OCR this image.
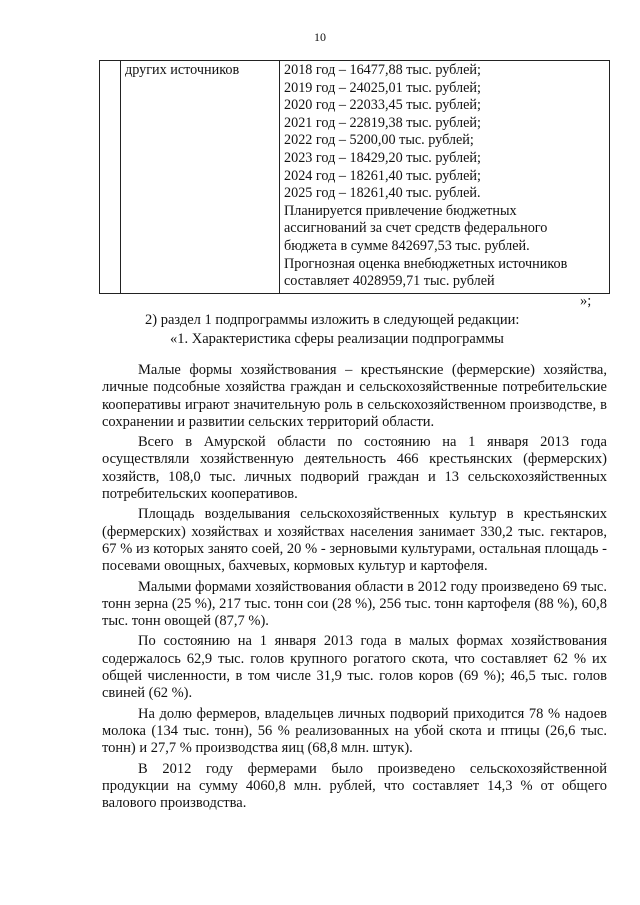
10
	других источников	2018 год – 16477,88 тыс. рублей;
2019 год – 24025,01 тыс. рублей;
2020 год – 22033,45 тыс. рублей;
2021 год – 22819,38 тыс. рублей;
2022 год – 5200,00 тыс. рублей;
2023 год – 18429,20 тыс. рублей;
2024 год – 18261,40 тыс. рублей;
2025 год – 18261,40 тыс. рублей.
Планируется привлечение бюджетных
ассигнований за счет средств федерального
бюджета в сумме 842697,53 тыс. рублей.
Прогнозная оценка внебюджетных источников
составляет 4028959,71 тыс. рублей
»;
2) раздел 1 подпрограммы изложить в следующей редакции:
«1. Характеристика сферы реализации подпрограммы

Малые формы хозяйствования – крестьянские (фермерские) хозяйства, личные подсобные хозяйства граждан и сельскохозяйственные потребительские кооперативы играют значительную роль в сельскохозяйственном производстве, в сохранении и развитии сельских территорий области.

Всего в Амурской области по состоянию на 1 января 2013 года осуществляли хозяйственную деятельность 466 крестьянских (фермерских) хозяйств, 108,0 тыс. личных подворий граждан и 13 сельскохозяйственных потребительских кооперативов.

Площадь возделывания сельскохозяйственных культур в крестьянских (фермерских) хозяйствах и хозяйствах населения занимает 330,2 тыс. гектаров, 67 % из которых занято соей, 20 % - зерновыми культурами, остальная площадь - посевами овощных, бахчевых, кормовых культур и картофеля.

Малыми формами хозяйствования области в 2012 году произведено 69 тыс. тонн зерна (25 %), 217 тыс. тонн сои (28 %), 256 тыс. тонн картофеля (88 %), 60,8 тыс. тонн овощей (87,7 %).

По состоянию на 1 января 2013 года в малых формах хозяйствования содержалось 62,9 тыс. голов крупного рогатого скота, что составляет 62 % их общей численности, в том числе 31,9 тыс. голов коров (69 %); 46,5 тыс. голов свиней (62 %).

На долю фермеров, владельцев личных подворий приходится 78 % надоев молока (134 тыс. тонн), 56 % реализованных на убой скота и птицы (26,6 тыс. тонн) и 27,7 % производства яиц (68,8 млн. штук).

В 2012 году фермерами было произведено сельскохозяйственной продукции на сумму 4060,8 млн. рублей, что составляет 14,3 % от общего валового производства.
